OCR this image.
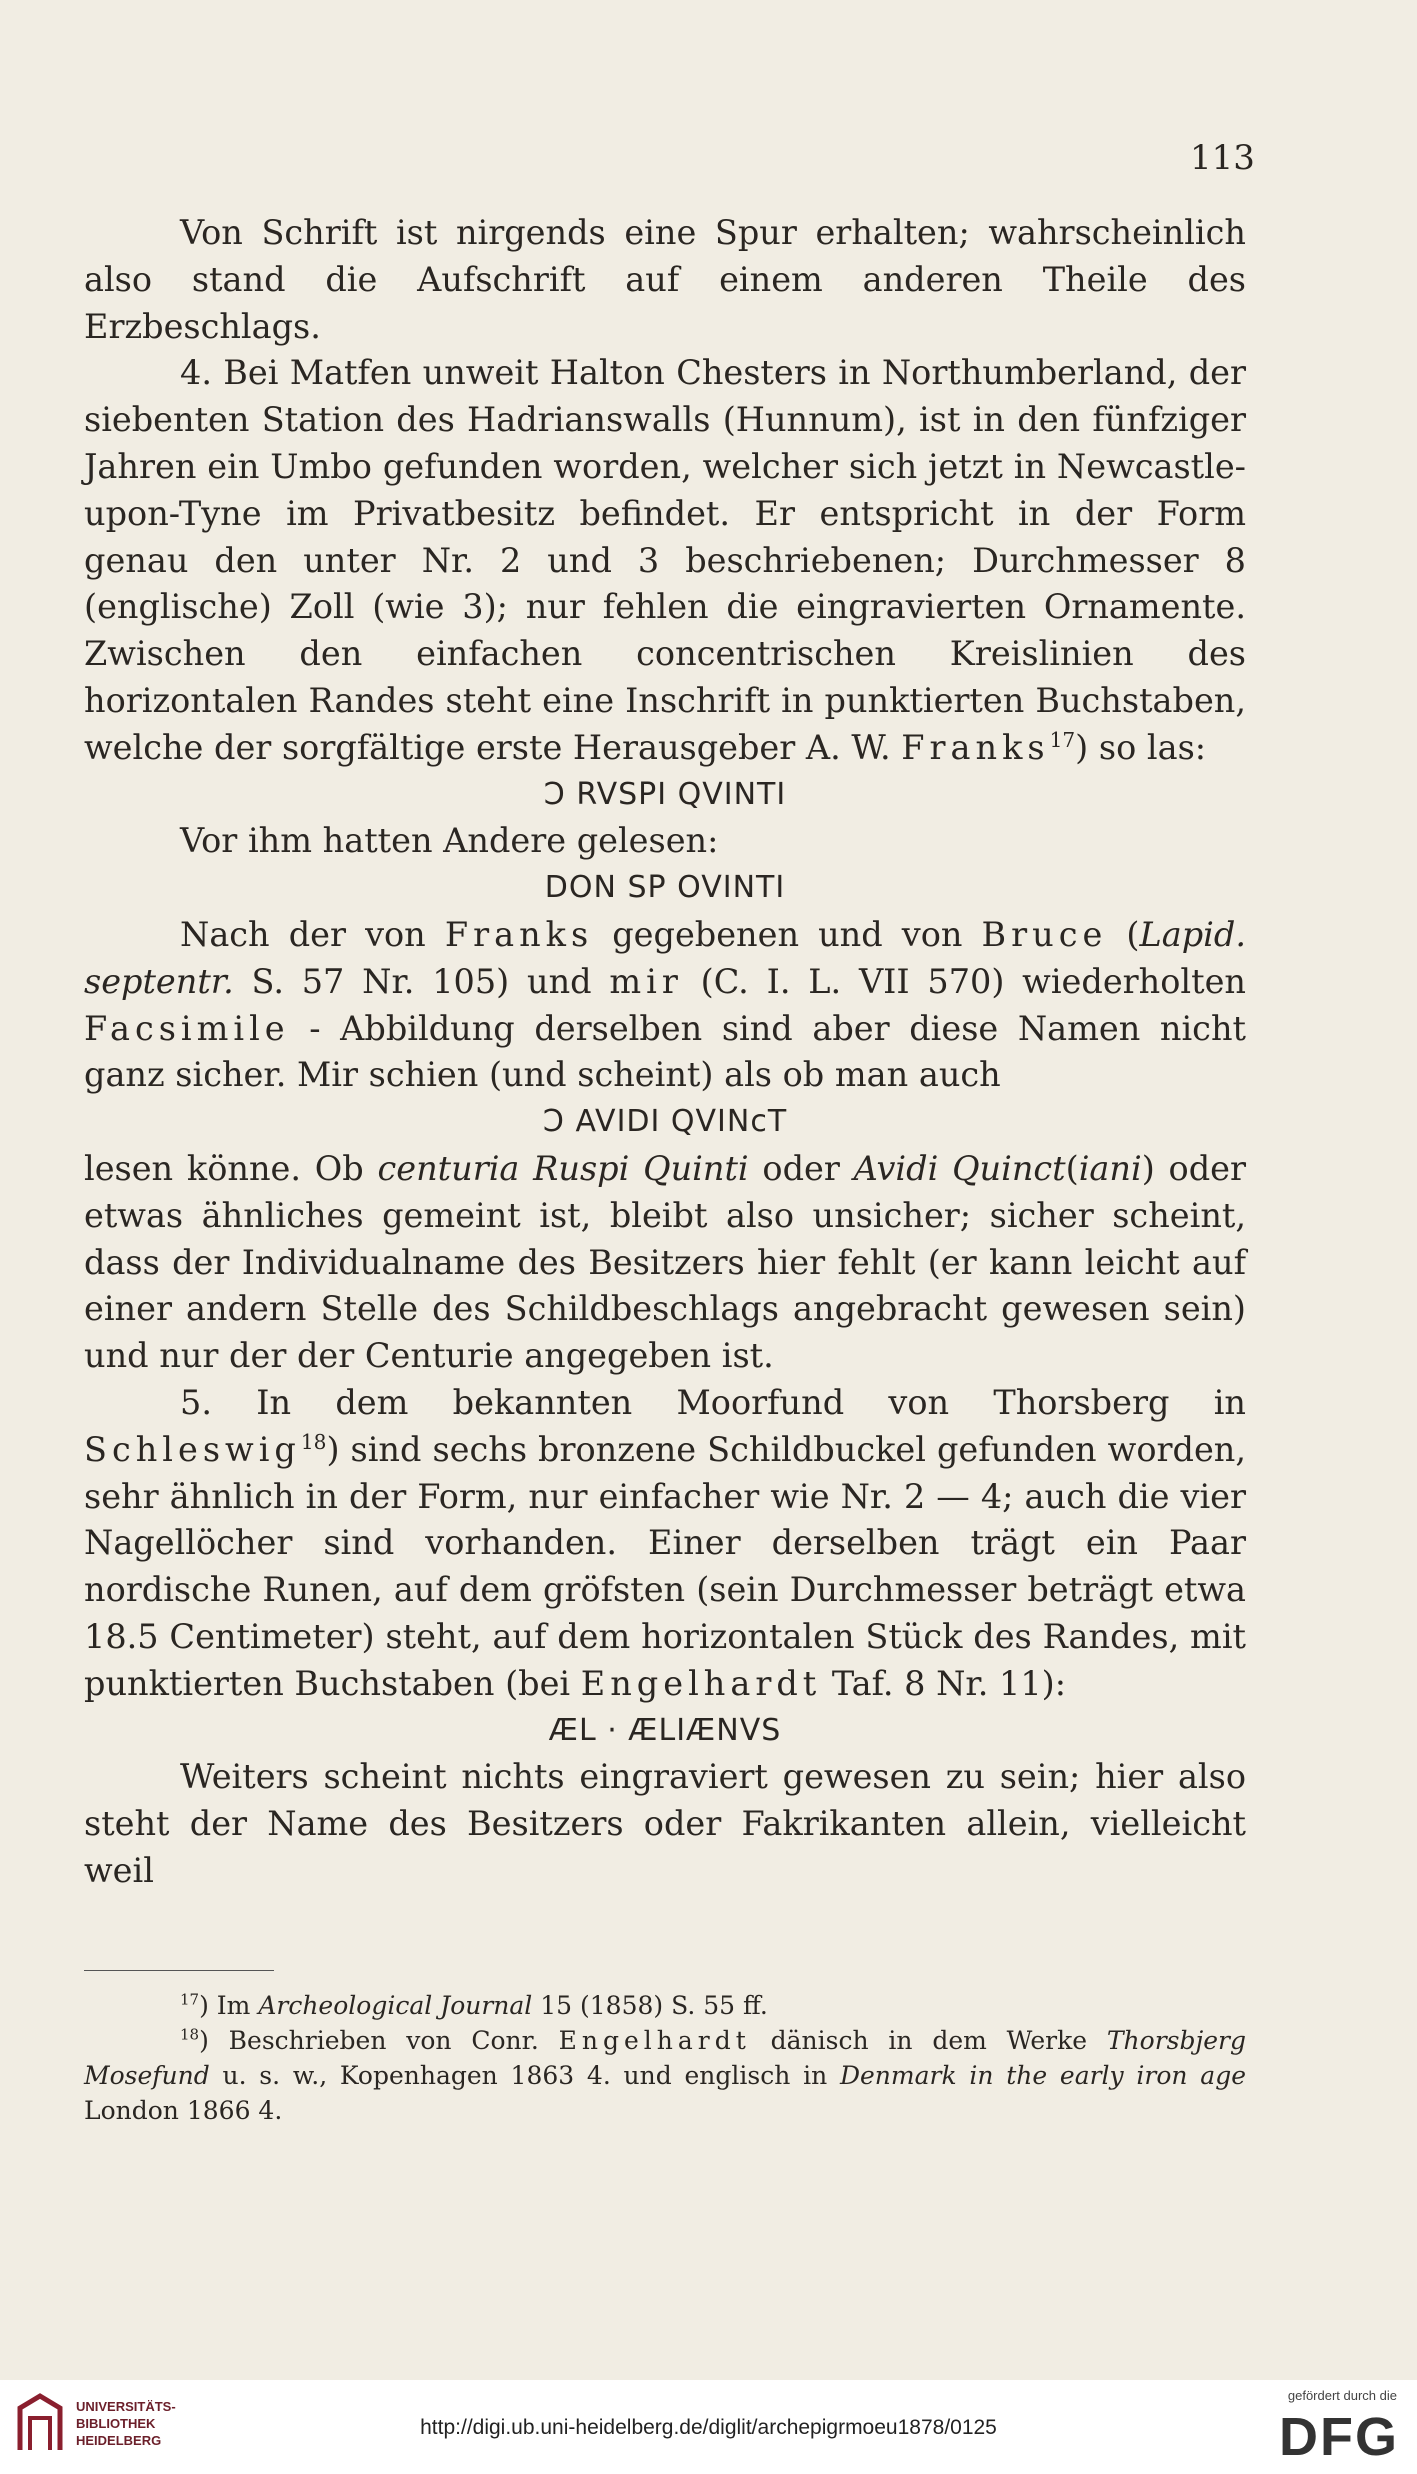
113

Von Schrift ist nirgends eine Spur erhalten; wahrscheinlich also stand die Aufschrift auf einem anderen Theile des Erzbeschlags.

4. Bei Matfen unweit Halton Chesters in Northumberland, der siebenten Station des Hadrianswalls (Hunnum), ist in den fünfziger Jahren ein Umbo gefunden worden, welcher sich jetzt in Newcastle-upon-Tyne im Privatbesitz befindet. Er entspricht in der Form genau den unter Nr. 2 und 3 beschriebenen; Durchmesser 8 (englische) Zoll (wie 3); nur fehlen die eingravierten Ornamente. Zwischen den einfachen concentrischen Kreislinien des horizontalen Randes steht eine Inschrift in punktierten Buchstaben, welche der sorgfältige erste Herausgeber A. W. Franks$^{17}$) so las:

Ↄ RVSPI QVINTI

Vor ihm hatten Andere gelesen:

DON SP OVINTI

Nach der von Franks gegebenen und von Bruce (Lapid. septentr. S. 57 Nr. 105) und mir (C. I. L. VII 570) wiederholten Facsimile - Abbildung derselben sind aber diese Namen nicht ganz sicher. Mir schien (und scheint) als ob man auch

Ↄ AVIDI QVINcT

lesen könne. Ob centuria Ruspi Quinti oder Avidi Quinct(iani) oder etwas ähnliches gemeint ist, bleibt also unsicher; sicher scheint, dass der Individualname des Besitzers hier fehlt (er kann leicht auf einer andern Stelle des Schildbeschlags angebracht gewesen sein) und nur der der Centurie angegeben ist.

5. In dem bekannten Moorfund von Thorsberg in Schleswig$^{18}$) sind sechs bronzene Schildbuckel gefunden worden, sehr ähnlich in der Form, nur einfacher wie Nr. 2 — 4; auch die vier Nagellöcher sind vorhanden. Einer derselben trägt ein Paar nordische Runen, auf dem gröfsten (sein Durchmesser beträgt etwa 18.5 Centimeter) steht, auf dem horizontalen Stück des Randes, mit punktierten Buchstaben (bei Engelhardt Taf. 8 Nr. 11):

ÆL · ÆLIÆNVS

Weiters scheint nichts eingraviert gewesen zu sein; hier also steht der Name des Besitzers oder Fakrikanten allein, vielleicht weil

$^{17}$) Im Archeological Journal 15 (1858) S. 55 ff.

$^{18}$) Beschrieben von Conr. Engelhardt dänisch in dem Werke Thorsbjerg Mosefund u. s. w., Kopenhagen 1863 4. und englisch in Denmark in the early iron age London 1866 4.

UNIVERSITÄTS-
BIBLIOTHEK
HEIDELBERG
http://digi.ub.uni-heidelberg.de/diglit/archepigrmoeu1878/0125
gefördert durch die
DFG
